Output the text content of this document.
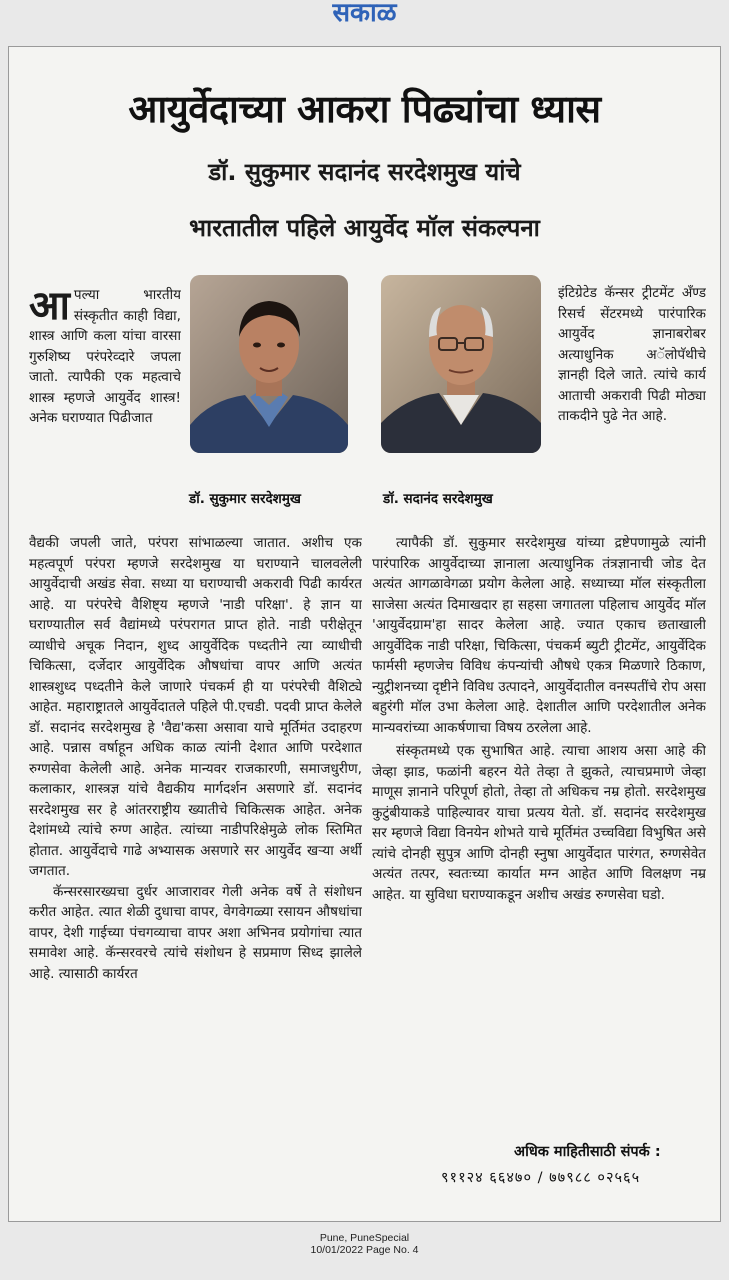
सकाळ
आयुर्वेदाच्या आकरा पिढ्यांचा ध्यास
डॉ. सुकुमार सदानंद सरदेशमुख यांचे
भारतातील पहिले आयुर्वेद मॉल संकल्पना
आपल्या भारतीय संस्कृतीत काही विद्या, शास्त्र आणि कला यांचा वारसा गुरुशिष्य परंपरेव्दारे जपला जातो. त्यापैकी एक महत्वाचे शास्त्र म्हणजे आयुर्वेद शास्त्र! अनेक घराण्यात पिढीजात
डॉ. सुकुमार सरदेशमुख	डॉ. सदानंद सरदेशमुख
इंटिग्रेटेड कॅन्सर ट्रीटमेंट अँण्ड रिसर्च सेंटरमध्ये पारंपारिक आयुर्वेद ज्ञानाबरोबर अत्याधुनिक अॅलोपॅथीचे ज्ञानही दिले जाते. त्यांचे कार्य आताची अकरावी पिढी मोठ्या ताकदीने पुढे नेत आहे.

वैद्यकी जपली जाते, परंपरा सांभाळल्या जातात. अशीच एक महत्वपूर्ण परंपरा म्हणजे सरदेशमुख या घराण्याने चालवलेली आयुर्वेदाची अखंड सेवा. सध्या या घराण्याची अकरावी पिढी कार्यरत आहे. या परंपरेचे वैशिष्ट्य म्हणजे 'नाडी परिक्षा'. हे ज्ञान या घराण्यातील सर्व वैद्यांमध्ये परंपरागत प्राप्त होते. नाडी परीक्षेतून व्याधीचे अचूक निदान, शुध्द आयुर्वेदिक पध्दतीने त्या व्याधीची चिकित्सा, दर्जेदार आयुर्वेदिक औषधांचा वापर आणि अत्यंत शास्त्रशुध्द पध्दतीने केले जाणारे पंचकर्म ही या परंपरेची वैशिट्ये आहेत. महाराष्ट्रातले आयुर्वेदातले पहिले पी.एचडी. पदवी प्राप्त केलेले डॉ. सदानंद सरदेशमुख हे 'वैद्य'कसा असावा याचे मूर्तिमंत उदाहरण आहे. पन्नास वर्षाहून अधिक काळ त्यांनी देशात आणि परदेशात रुग्णसेवा केलेली आहे. अनेक मान्यवर राजकारणी, समाजधुरीण, कलाकार, शास्त्रज्ञ यांचे वैद्यकीय मार्गदर्शन असणारे डॉ. सदानंद सरदेशमुख सर हे आंतरराष्ट्रीय ख्यातीचे चिकित्सक आहेत. अनेक देशांमध्ये त्यांचे रुग्ण आहेत. त्यांच्या नाडीपरिक्षेमुळे लोक स्तिमित होतात. आयुर्वेदाचे गाढे अभ्यासक असणारे सर आयुर्वेद खऱ्या अर्थी जगतात.

कॅन्सरसारख्यचा दुर्धर आजारावर गेली अनेक वर्षे ते संशोधन करीत आहेत. त्यात शेळी दुधाचा वापर, वेगवेगळ्या रसायन औषधांचा वापर, देशी गाईच्या पंचगव्याचा वापर अशा अभिनव प्रयोगांचा त्यात समावेश आहे. कॅन्सरवरचे त्यांचे संशोधन हे सप्रमाण सिध्द झालेले आहे. त्यासाठी कार्यरत

त्यापैकी डॉ. सुकुमार सरदेशमुख यांच्या द्रष्टेपणामुळे त्यांनी पारंपारिक आयुर्वेदाच्या ज्ञानाला अत्याधुनिक तंत्रज्ञानाची जोड देत अत्यंत आगळावेगळा प्रयोग केलेला आहे. सध्याच्या मॉल संस्कृतीला साजेसा अत्यंत दिमाखदार हा सहसा जगातला पहिलाच आयुर्वेद मॉल 'आयुर्वेदग्राम'हा सादर केलेला आहे. ज्यात एकाच छताखाली आयुर्वेदिक नाडी परिक्षा, चिकित्सा, पंचकर्म ब्युटी ट्रीटमेंट, आयुर्वेदिक फार्मसी म्हणजेच विविध कंपन्यांची औषधे एकत्र मिळणारे ठिकाण, न्युट्रीशनच्या दृष्टीने विविध उत्पादने, आयुर्वेदातील वनस्पतींचे रोप असा बहुरंगी मॉल उभा केलेला आहे. देशातील आणि परदेशातील अनेक मान्यवरांच्या आकर्षणाचा विषय ठरलेला आहे.

संस्कृतमध्ये एक सुभाषित आहे. त्याचा आशय असा आहे की जेव्हा झाड, फळांनी बहरन येते तेव्हा ते झुकते, त्याचप्रमाणे जेव्हा माणूस ज्ञानाने परिपूर्ण होतो, तेव्हा तो अधिकच नम्र होतो. सरदेशमुख कुटुंबीयाकडे पाहिल्यावर याचा प्रत्यय येतो. डॉ. सदानंद सरदेशमुख सर म्हणजे विद्या विनयेन शोभते याचे मूर्तिमंत उच्चविद्या विभुषित असे त्यांचे दोनही सुपुत्र आणि दोनही स्नुषा आयुर्वेदात पारंगत, रुग्णसेवेत अत्यंत तत्पर, स्वतःच्या कार्यात मग्न आहेत आणि विलक्षण नम्र आहेत. या सुविधा घराण्याकडून अशीच अखंड रुग्णसेवा घडो.

अधिक माहितीसाठी संपर्क :
९११२४ ६६४७० / ७७९८८ ०२५६५
Pune, PuneSpecial
10/01/2022 Page No. 4
